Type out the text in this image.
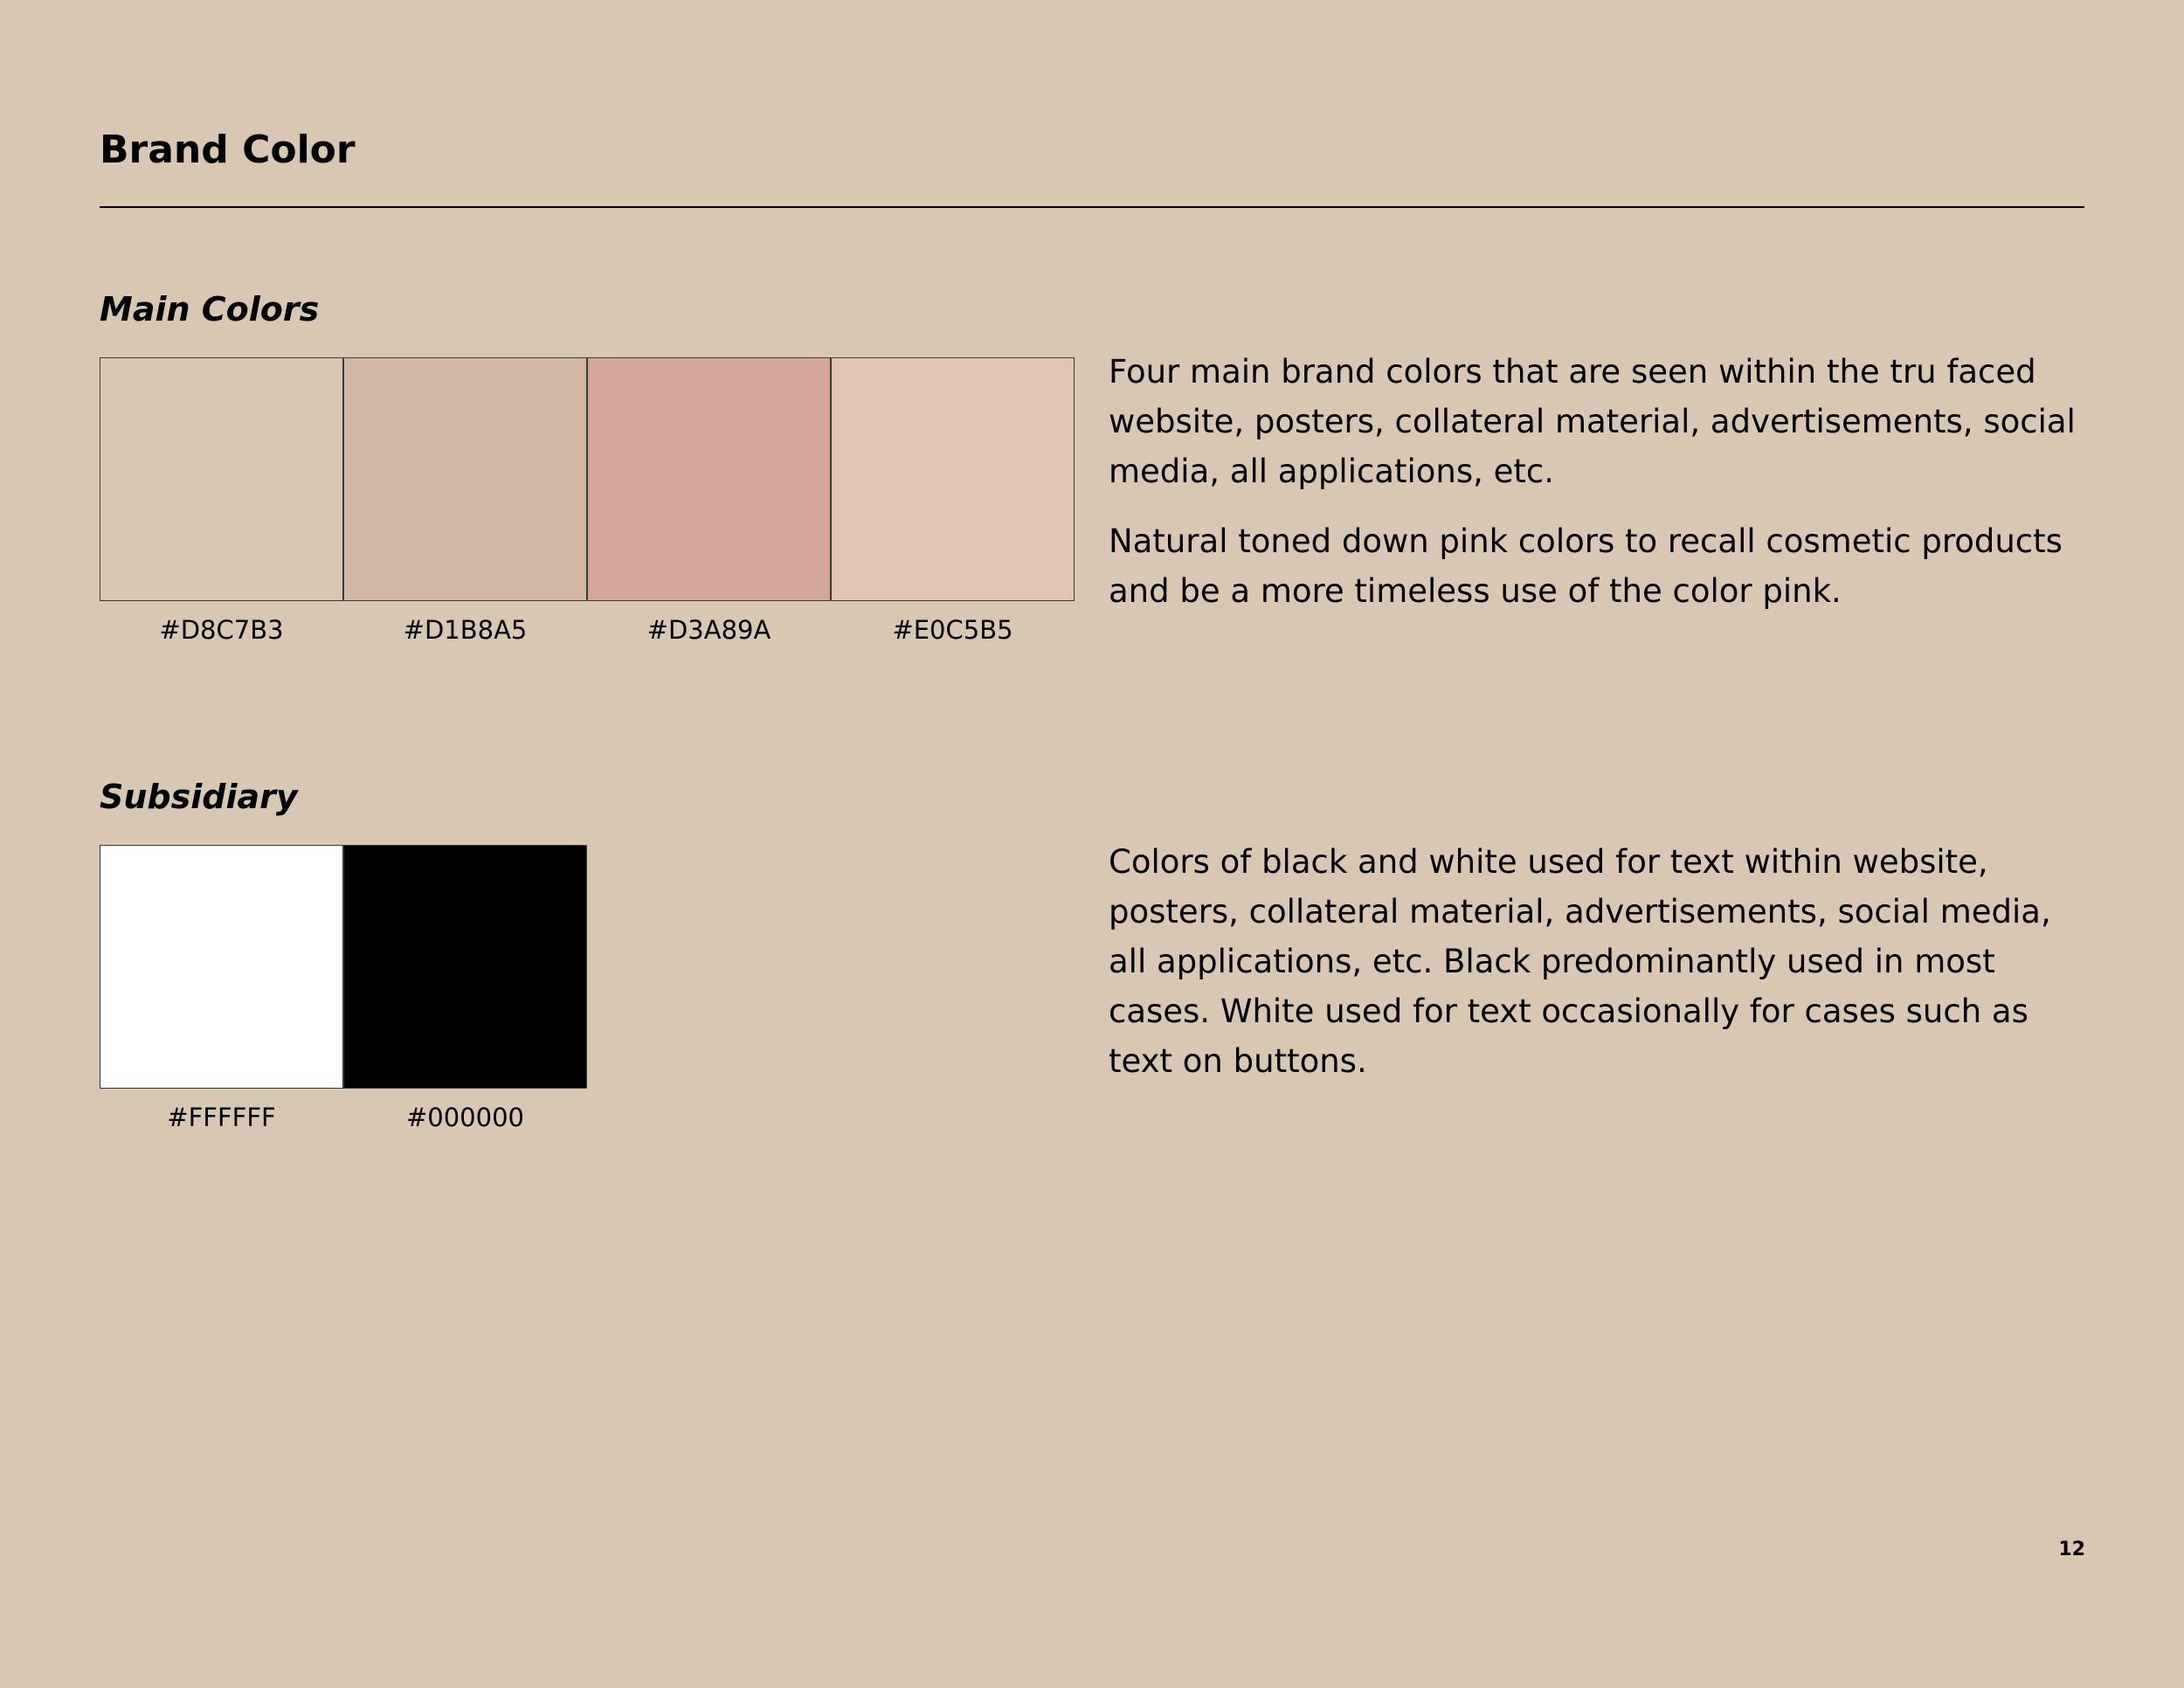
Brand Color
Main Colors
#D8C7B3	#D1B8A5	#D3A89A	#E0C5B5

Four main brand colors that are seen within the tru faced website, posters, collateral material, advertisements, social media, all applications, etc.

Natural toned down pink colors to recall cosmetic products and be a more timeless use of the color pink.

Subsidiary
#FFFFFF	#000000

Colors of black and white used for text within website, posters, collateral material, advertisements, social media, all applications, etc. Black predominantly used in most cases. White used for text occasionally for cases such as text on buttons.

12
